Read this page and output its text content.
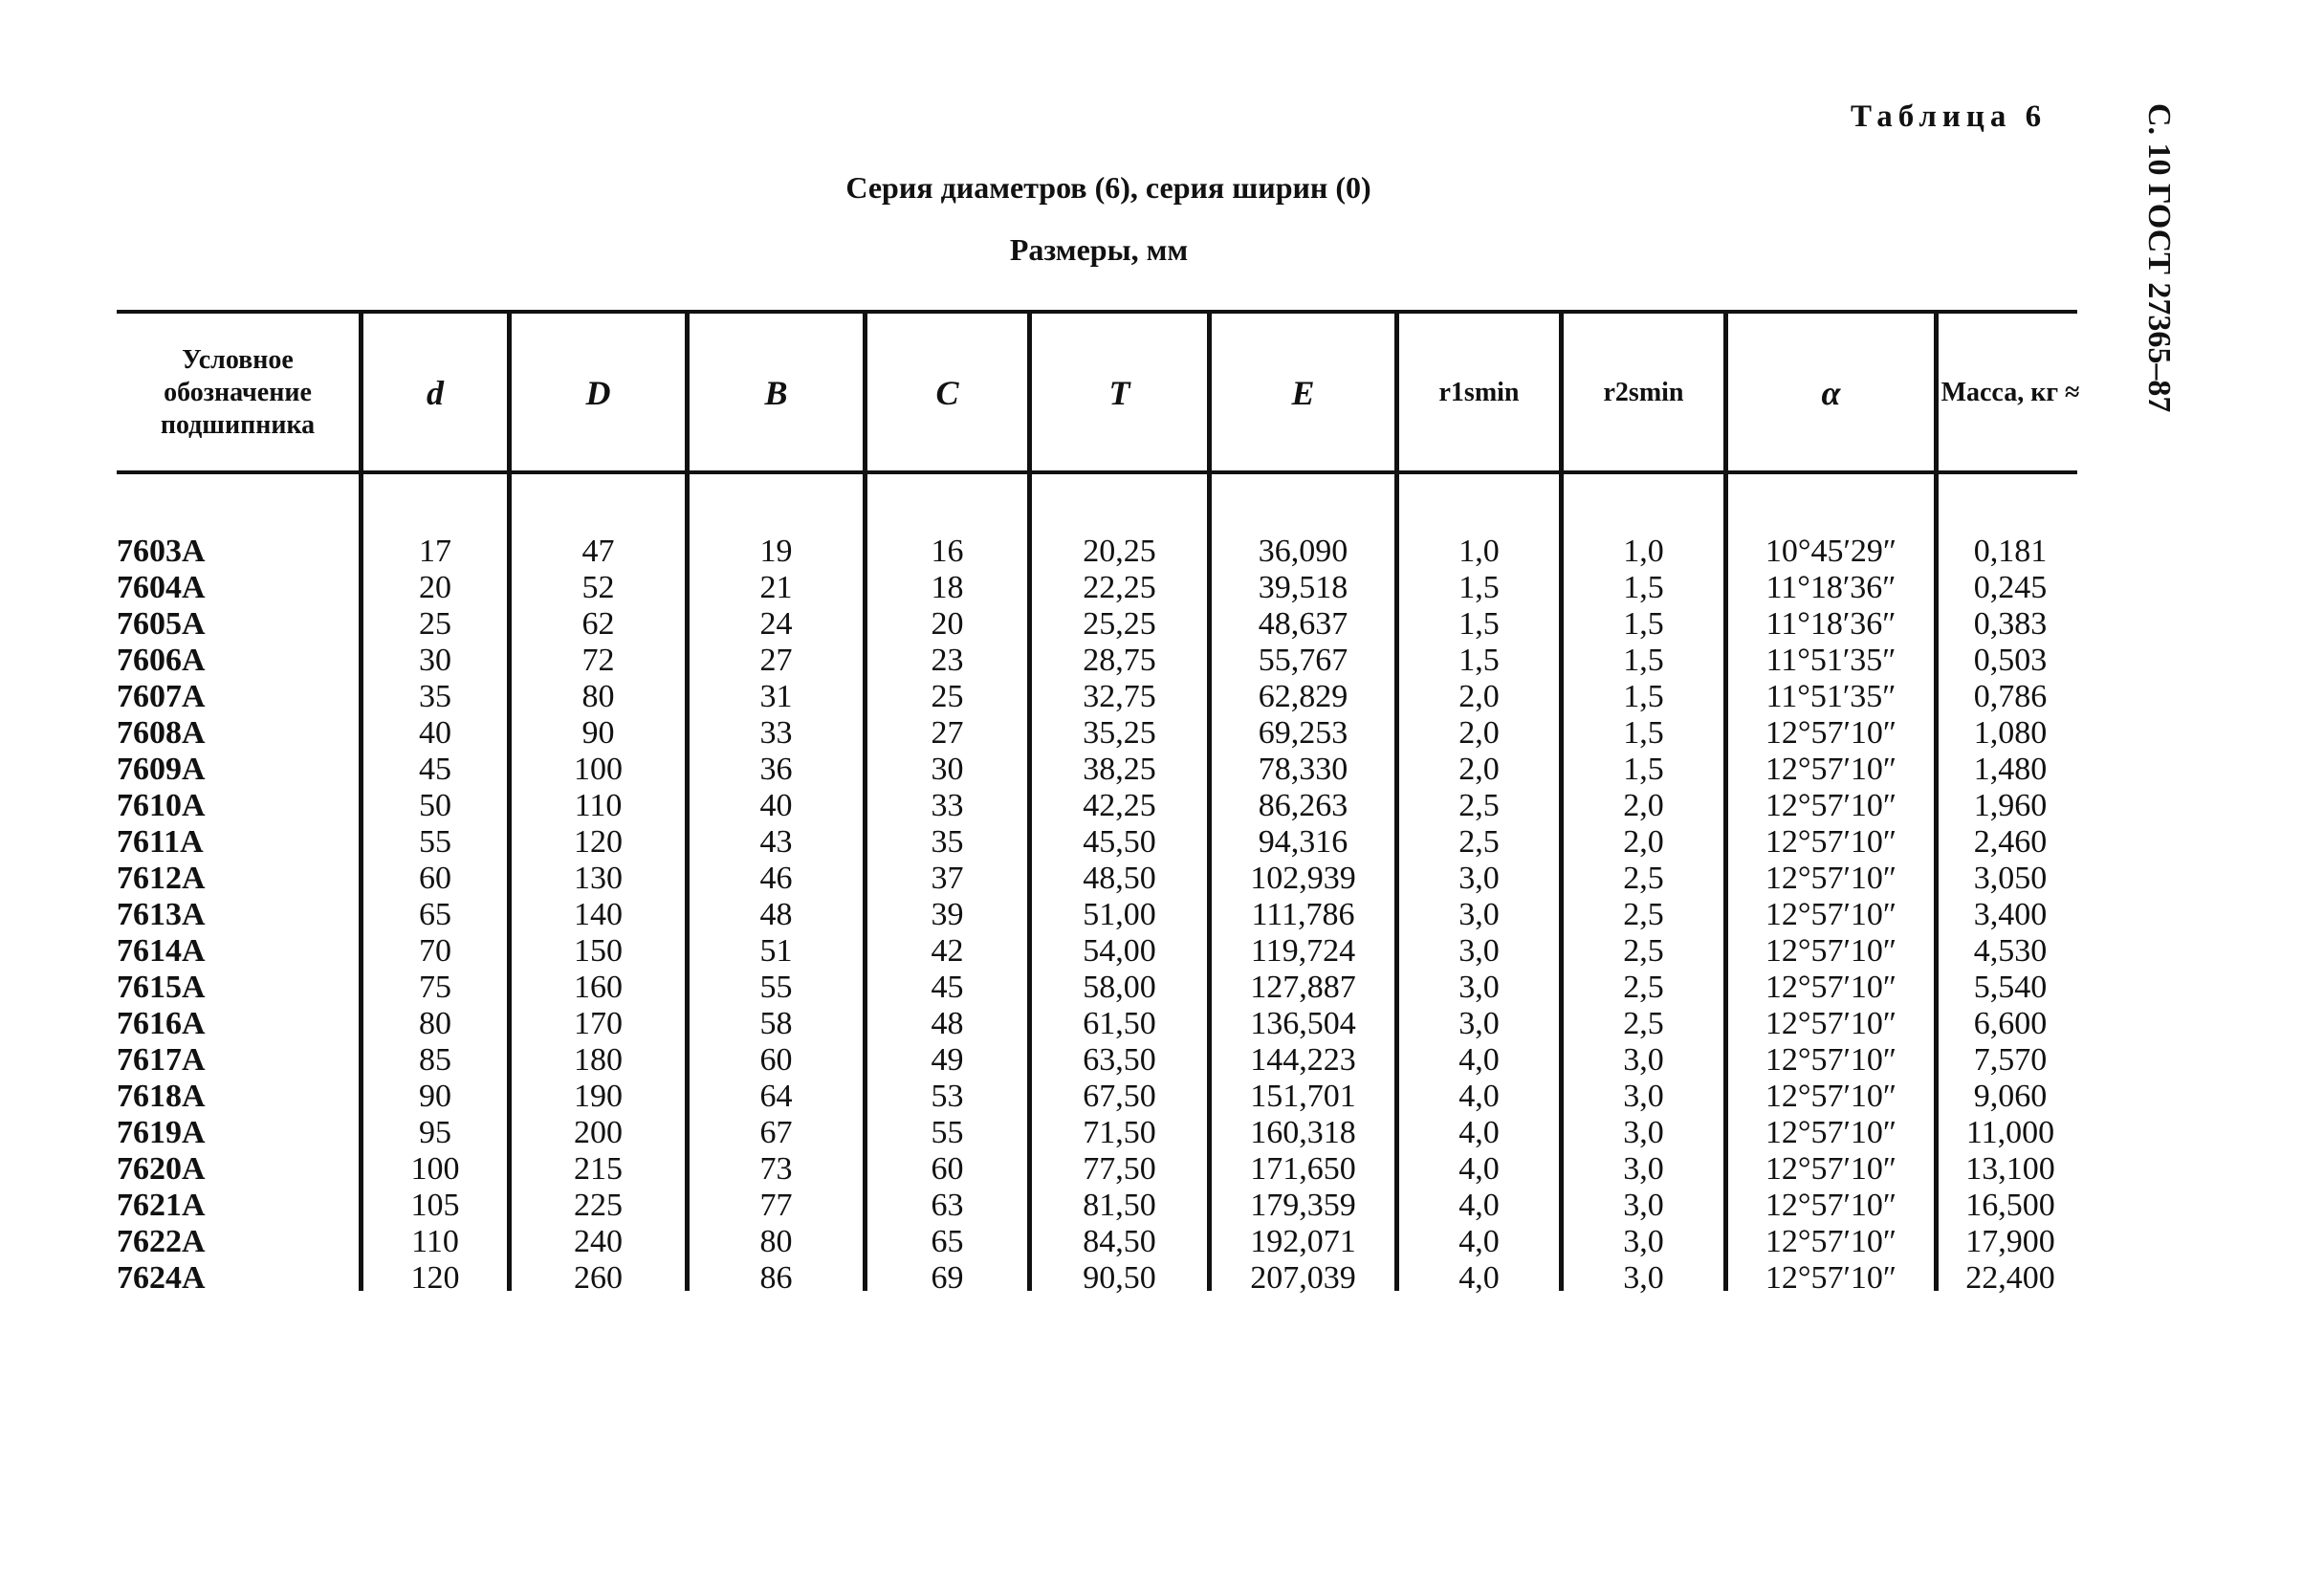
Таблица 6	С. 10 ГОСТ 27365–87
Серия диаметров (6), серия ширин (0)
Размеры, мм
Условное обозначение подшипника
d	D	B	C	T	E	r1smin	r2smin	α	Масса, кг ≈
7603A	17	47	19	16	20,25	36,090	1,0	1,0	10°45′29″	0,181
7604A	20	52	21	18	22,25	39,518	1,5	1,5	11°18′36″	0,245
7605A	25	62	24	20	25,25	48,637	1,5	1,5	11°18′36″	0,383
7606A	30	72	27	23	28,75	55,767	1,5	1,5	11°51′35″	0,503
7607A	35	80	31	25	32,75	62,829	2,0	1,5	11°51′35″	0,786
7608A	40	90	33	27	35,25	69,253	2,0	1,5	12°57′10″	1,080
7609A	45	100	36	30	38,25	78,330	2,0	1,5	12°57′10″	1,480
7610A	50	110	40	33	42,25	86,263	2,5	2,0	12°57′10″	1,960
7611A	55	120	43	35	45,50	94,316	2,5	2,0	12°57′10″	2,460
7612A	60	130	46	37	48,50	102,939	3,0	2,5	12°57′10″	3,050
7613A	65	140	48	39	51,00	111,786	3,0	2,5	12°57′10″	3,400
7614A	70	150	51	42	54,00	119,724	3,0	2,5	12°57′10″	4,530
7615A	75	160	55	45	58,00	127,887	3,0	2,5	12°57′10″	5,540
7616A	80	170	58	48	61,50	136,504	3,0	2,5	12°57′10″	6,600
7617A	85	180	60	49	63,50	144,223	4,0	3,0	12°57′10″	7,570
7618A	90	190	64	53	67,50	151,701	4,0	3,0	12°57′10″	9,060
7619A	95	200	67	55	71,50	160,318	4,0	3,0	12°57′10″	11,000
7620A	100	215	73	60	77,50	171,650	4,0	3,0	12°57′10″	13,100
7621A	105	225	77	63	81,50	179,359	4,0	3,0	12°57′10″	16,500
7622A	110	240	80	65	84,50	192,071	4,0	3,0	12°57′10″	17,900
7624A	120	260	86	69	90,50	207,039	4,0	3,0	12°57′10″	22,400
